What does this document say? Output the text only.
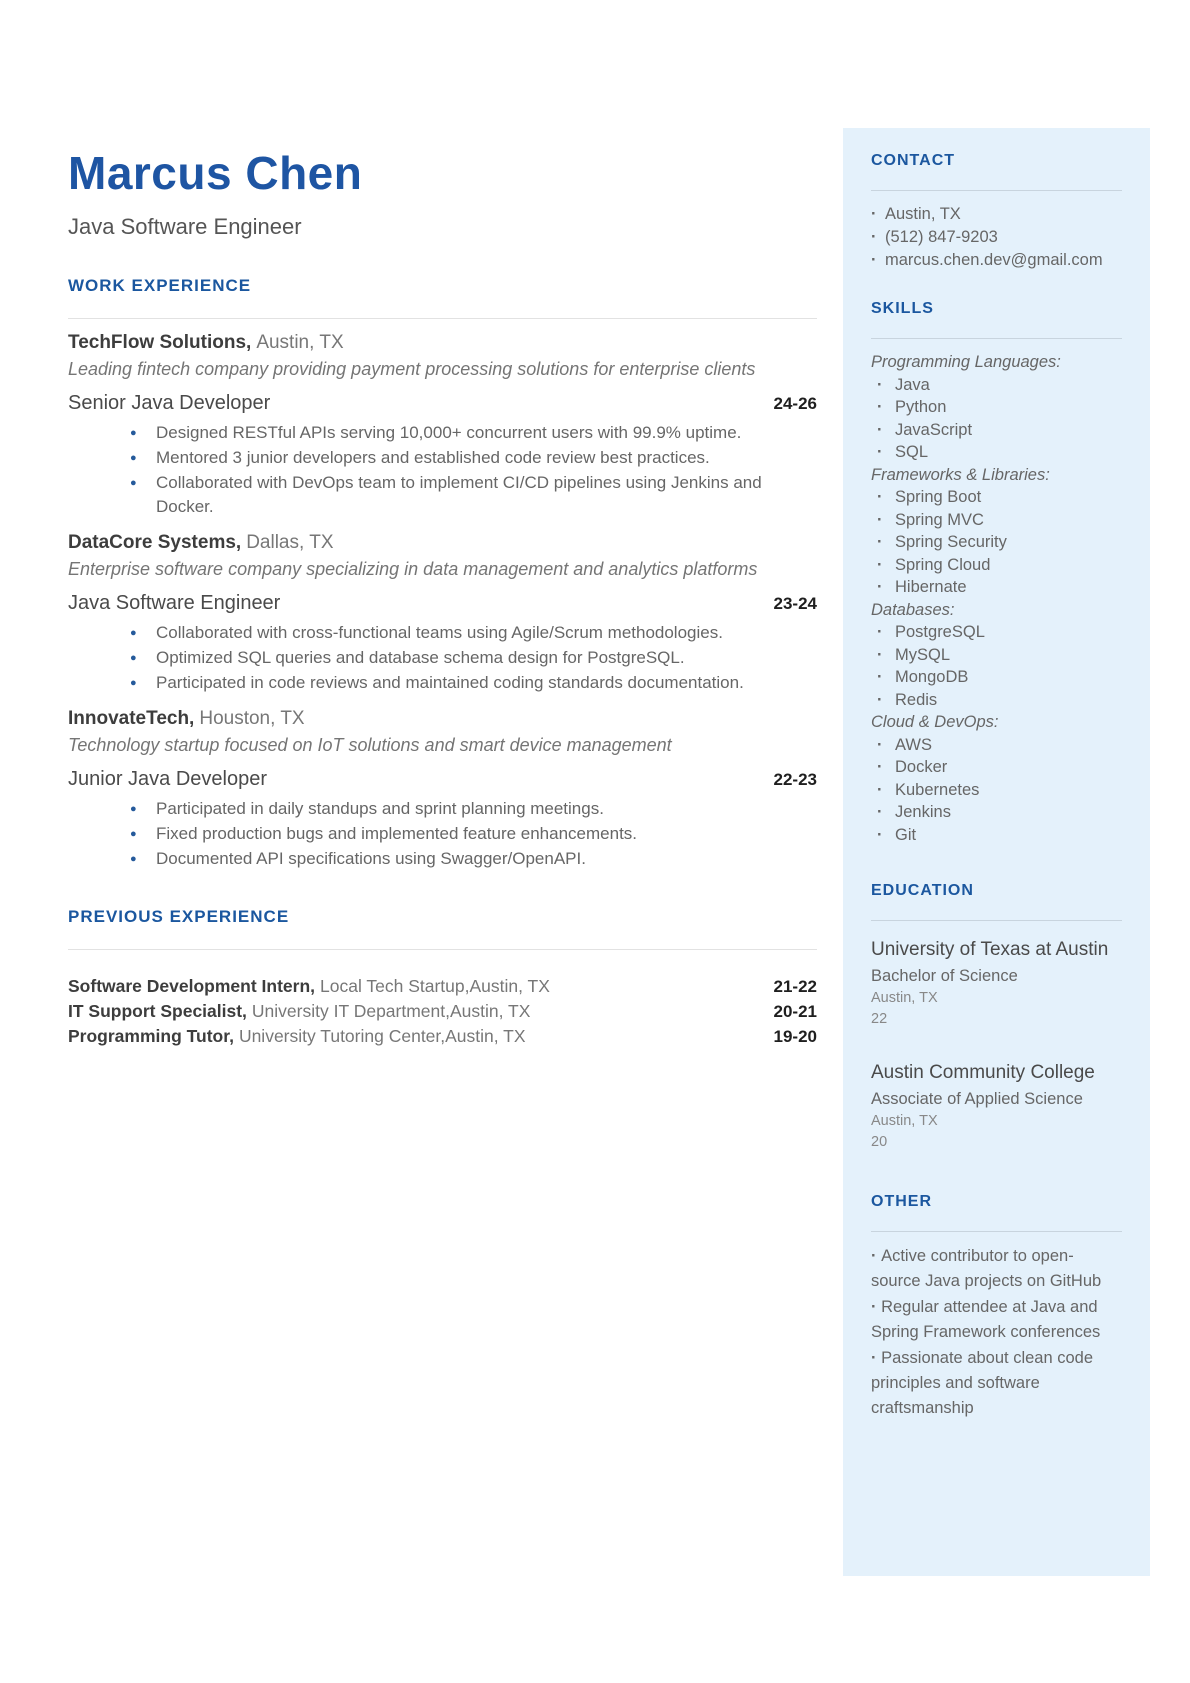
Marcus Chen
Java Software Engineer
WORK EXPERIENCE
TechFlow Solutions, Austin, TX
Leading fintech company providing payment processing solutions for enterprise clients
Senior Java Developer	24-26
● Designed RESTful APIs serving 10,000+ concurrent users with 99.9% uptime.
● Mentored 3 junior developers and established code review best practices.
● Collaborated with DevOps team to implement CI/CD pipelines using Jenkins and Docker.
DataCore Systems, Dallas, TX
Enterprise software company specializing in data management and analytics platforms
Java Software Engineer	23-24
● Collaborated with cross-functional teams using Agile/Scrum methodologies.
● Optimized SQL queries and database schema design for PostgreSQL.
● Participated in code reviews and maintained coding standards documentation.
InnovateTech, Houston, TX
Technology startup focused on IoT solutions and smart device management
Junior Java Developer	22-23
● Participated in daily standups and sprint planning meetings.
● Fixed production bugs and implemented feature enhancements.
● Documented API specifications using Swagger/OpenAPI.
PREVIOUS EXPERIENCE
Software Development Intern, Local Tech Startup,Austin, TX	21-22
IT Support Specialist, University IT Department,Austin, TX	20-21
Programming Tutor, University Tutoring Center,Austin, TX	19-20
CONTACT
· Austin, TX
· (512) 847-9203
· marcus.chen.dev@gmail.com
SKILLS
Programming Languages:
· Java
· Python
· JavaScript
· SQL
Frameworks & Libraries:
· Spring Boot
· Spring MVC
· Spring Security
· Spring Cloud
· Hibernate
Databases:
· PostgreSQL
· MySQL
· MongoDB
· Redis
Cloud & DevOps:
· AWS
· Docker
· Kubernetes
· Jenkins
· Git
EDUCATION
University of Texas at Austin
Bachelor of Science
Austin, TX
22
Austin Community College
Associate of Applied Science
Austin, TX
20
OTHER
· Active contributor to open-source Java projects on GitHub
· Regular attendee at Java and Spring Framework conferences
· Passionate about clean code principles and software craftsmanship
